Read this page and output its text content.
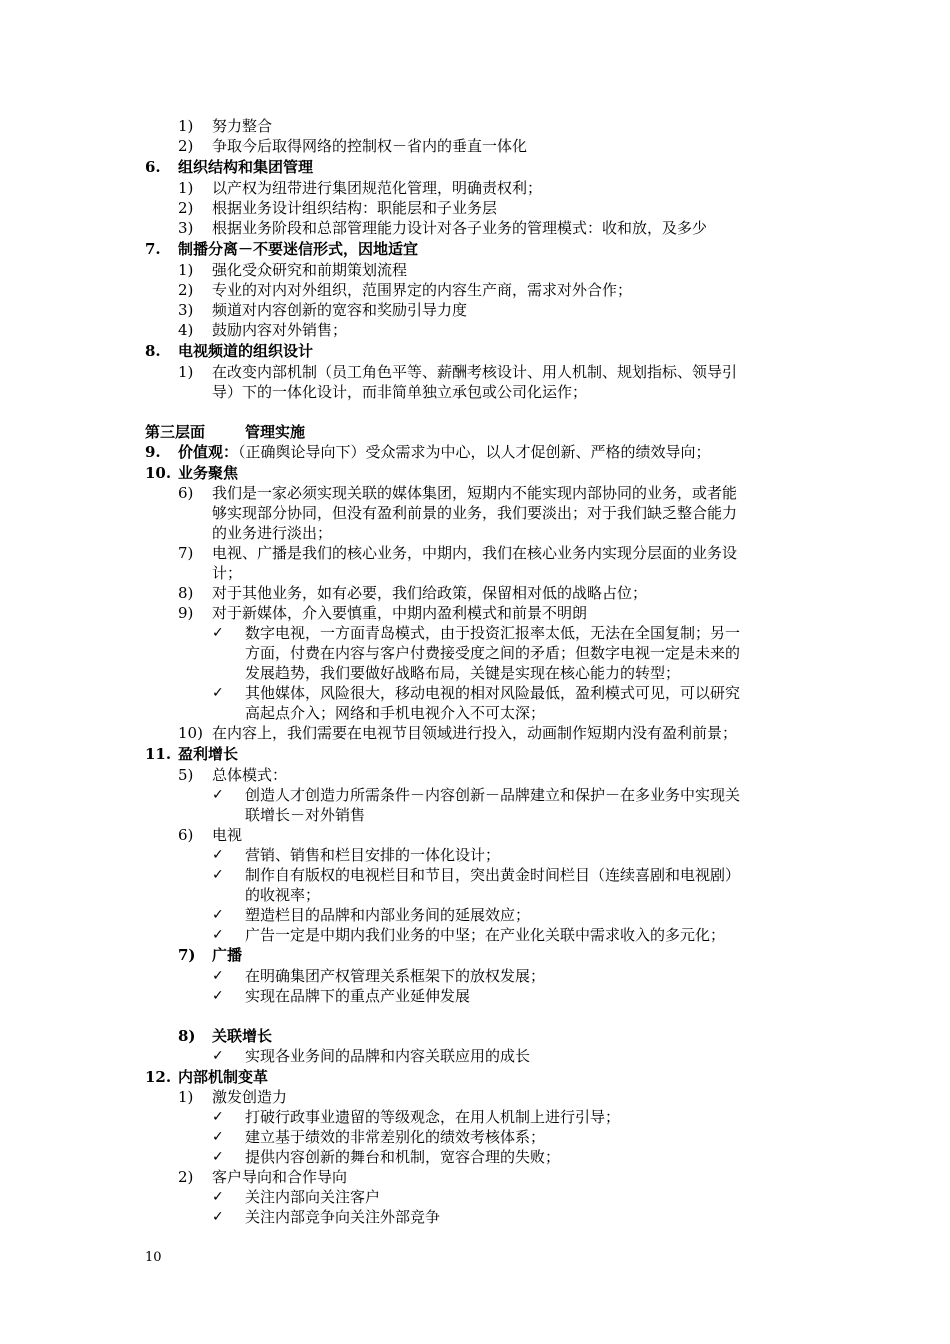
1) 努力整合
2) 争取今后取得网络的控制权－省内的垂直一体化
6. 组织结构和集团管理
1) 以产权为纽带进行集团规范化管理，明确责权利；
2) 根据业务设计组织结构：职能层和子业务层
3) 根据业务阶段和总部管理能力设计对各子业务的管理模式：收和放，及多少
7. 制播分离－不要迷信形式，因地适宜
1) 强化受众研究和前期策划流程
2) 专业的对内对外组织，范围界定的内容生产商，需求对外合作；
3) 频道对内容创新的宽容和奖励引导力度
4) 鼓励内容对外销售；
8. 电视频道的组织设计
1) 在改变内部机制（员工角色平等、薪酬考核设计、用人机制、规划指标、领导引
导）下的一体化设计，而非简单独立承包或公司化运作；
第三层面	管理实施
9. 价值观：（正确舆论导向下）受众需求为中心，以人才促创新、严格的绩效导向；
10. 业务聚焦
6) 我们是一家必须实现关联的媒体集团，短期内不能实现内部协同的业务，或者能
够实现部分协同，但没有盈利前景的业务，我们要淡出；对于我们缺乏整合能力
的业务进行淡出；
7) 电视、广播是我们的核心业务，中期内，我们在核心业务内实现分层面的业务设
计；
8) 对于其他业务，如有必要，我们给政策，保留相对低的战略占位；
9) 对于新媒体，介入要慎重，中期内盈利模式和前景不明朗
✓ 数字电视，一方面青岛模式，由于投资汇报率太低，无法在全国复制；另一
方面，付费在内容与客户付费接受度之间的矛盾；但数字电视一定是未来的
发展趋势，我们要做好战略布局，关键是实现在核心能力的转型；
✓ 其他媒体，风险很大，移动电视的相对风险最低，盈利模式可见，可以研究
高起点介入；网络和手机电视介入不可太深；
10) 在内容上，我们需要在电视节目领域进行投入，动画制作短期内没有盈利前景；
11. 盈利增长
5) 总体模式：
✓ 创造人才创造力所需条件－内容创新－品牌建立和保护－在多业务中实现关
联增长－对外销售
6) 电视
✓ 营销、销售和栏目安排的一体化设计；
✓ 制作自有版权的电视栏目和节目，突出黄金时间栏目（连续喜剧和电视剧）
的收视率；
✓ 塑造栏目的品牌和内部业务间的延展效应；
✓ 广告一定是中期内我们业务的中坚；在产业化关联中需求收入的多元化；
7) 广播
✓ 在明确集团产权管理关系框架下的放权发展；
✓ 实现在品牌下的重点产业延伸发展
8) 关联增长
✓ 实现各业务间的品牌和内容关联应用的成长
12. 内部机制变革
1) 激发创造力
✓ 打破行政事业遗留的等级观念，在用人机制上进行引导；
✓ 建立基于绩效的非常差别化的绩效考核体系；
✓ 提供内容创新的舞台和机制，宽容合理的失败；
2) 客户导向和合作导向
✓ 关注内部向关注客户
✓ 关注内部竞争向关注外部竞争
10
